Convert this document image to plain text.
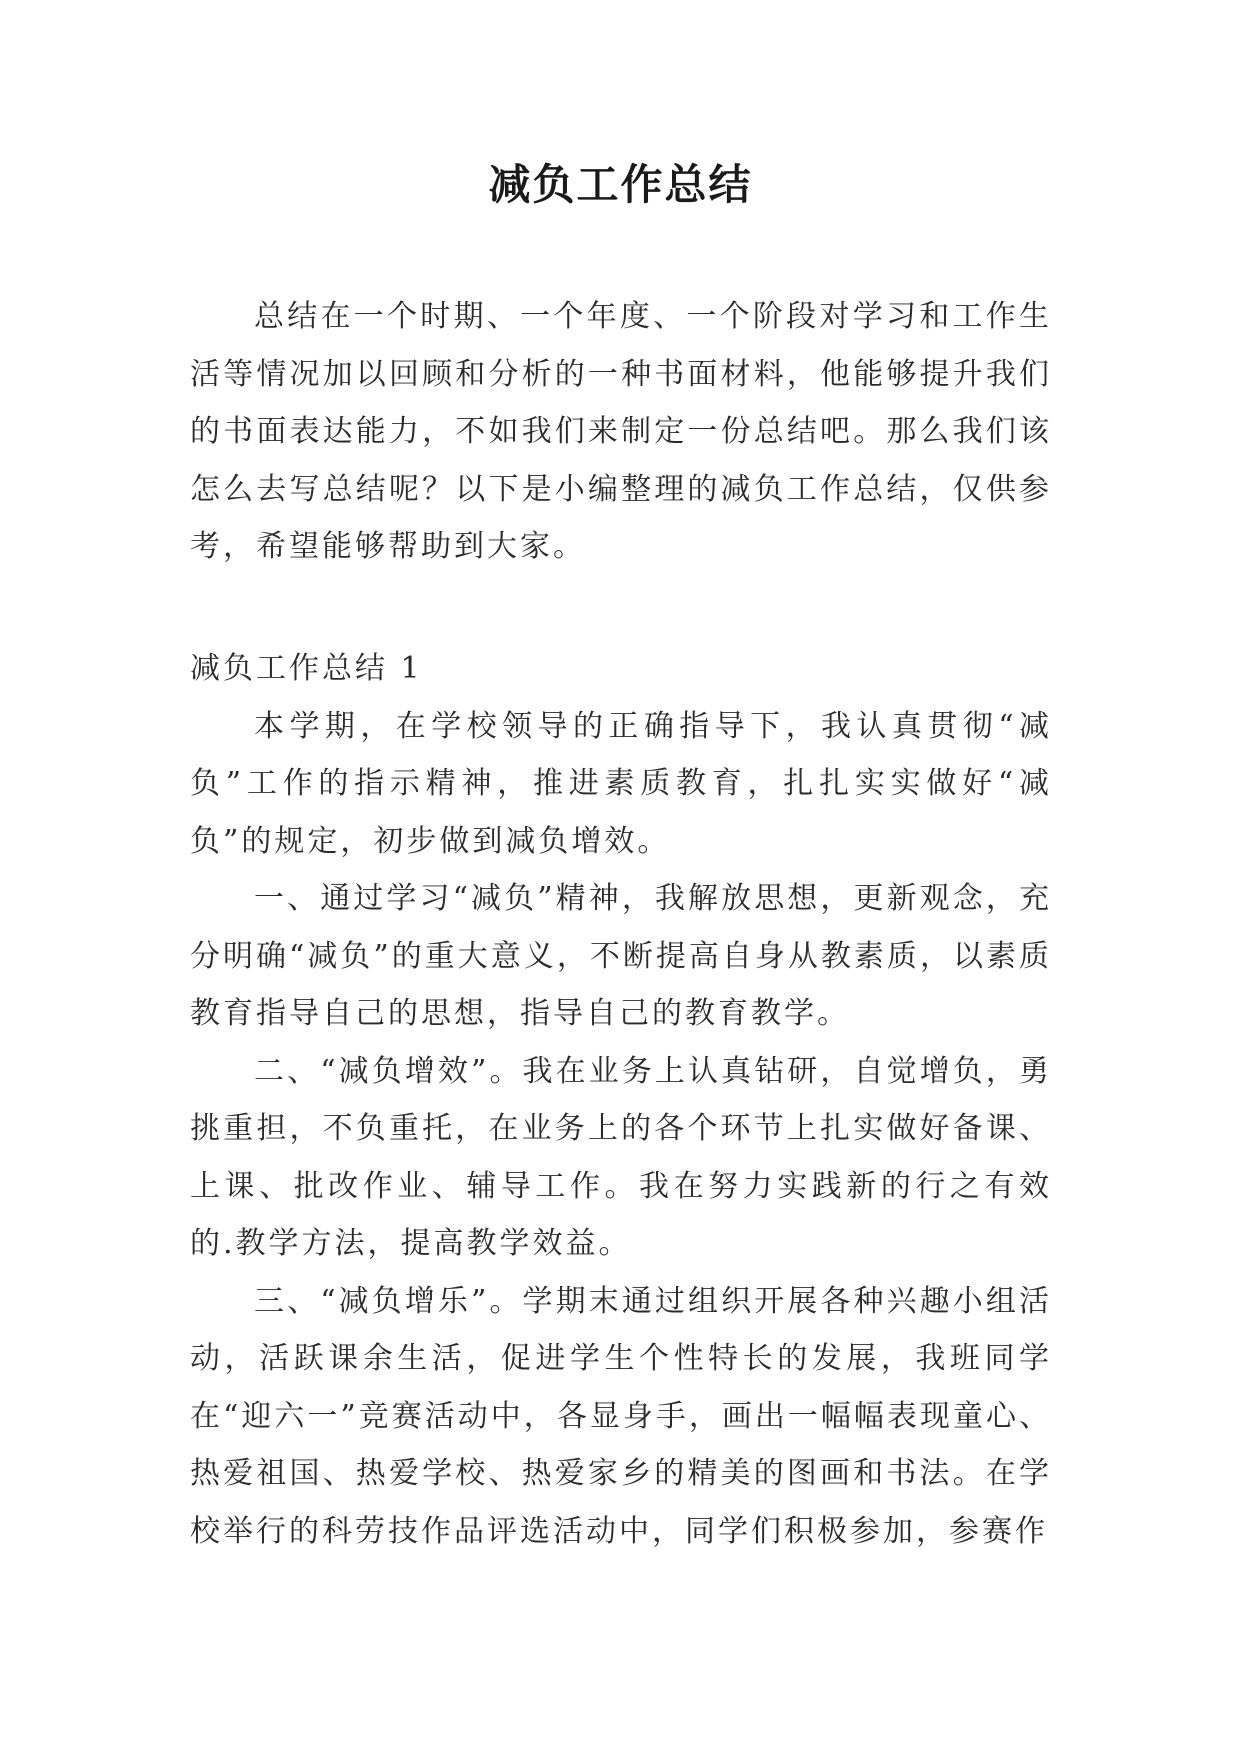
减负工作总结

总结在一个时期、一个年度、一个阶段对学习和工作生活等情况加以回顾和分析的一种书面材料，他能够提升我们的书面表达能力，不如我们来制定一份总结吧。那么我们该怎么去写总结呢？以下是小编整理的减负工作总结，仅供参考，希望能够帮助到大家。

减负工作总结 1

本学期，在学校领导的正确指导下，我认真贯彻“减负”工作的指示精神，推进素质教育，扎扎实实做好“减负”的规定，初步做到减负增效。

一、通过学习“减负”精神，我解放思想，更新观念，充分明确“减负”的重大意义，不断提高自身从教素质，以素质教育指导自己的思想，指导自己的教育教学。

二、“减负增效”。我在业务上认真钻研，自觉增负，勇挑重担，不负重托，在业务上的各个环节上扎实做好备课、上课、批改作业、辅导工作。我在努力实践新的行之有效的.教学方法，提高教学效益。

三、“减负增乐”。学期末通过组织开展各种兴趣小组活动，活跃课余生活，促进学生个性特长的发展，我班同学在“迎六一”竞赛活动中，各显身手，画出一幅幅表现童心、热爱祖国、热爱学校、热爱家乡的精美的图画和书法。在学校举行的科劳技作品评选活动中，同学们积极参加，参赛作
